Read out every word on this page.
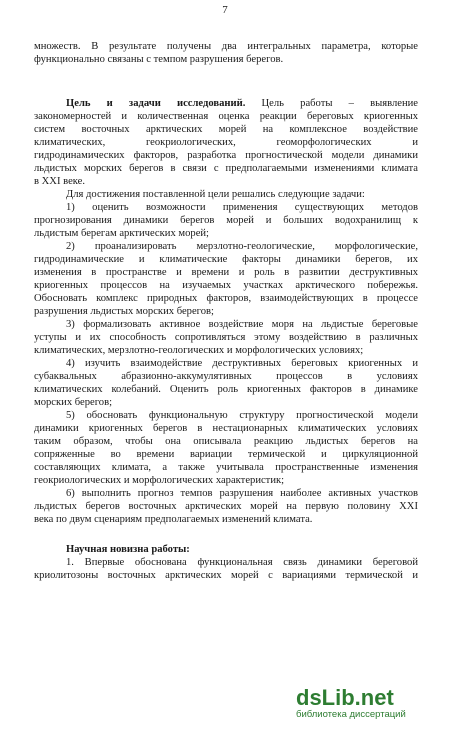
7
множеств. В результате получены два интегральных параметра, которые
функционально связаны с темпом разрушения берегов.
Цель и задачи исследований. Цель работы – выявление
закономерностей и количественная оценка реакции береговых криогенных
систем восточных арктических морей на комплексное воздействие
климатических, геокриологических, геоморфологических и
гидродинамических факторов, разработка прогностической модели динамики
льдистых морских берегов в связи с предполагаемыми изменениями климата
в XXI веке.
Для достижения поставленной цели решались следующие задачи:
1) оценить возможности применения существующих методов
прогнозирования динамики берегов морей и больших водохранилищ к
льдистым берегам арктических морей;
2) проанализировать мерзлотно-геологические, морфологические,
гидродинамические и климатические факторы динамики берегов, их
изменения в пространстве и времени и роль в развитии деструктивных
криогенных процессов на изучаемых участках арктического побережья.
Обосновать комплекс природных факторов, взаимодействующих в процессе
разрушения льдистых морских берегов;
3) формализовать активное воздействие моря на льдистые береговые
уступы и их способность сопротивляться этому воздействию в различных
климатических, мерзлотно-геологических и морфологических условиях;
4) изучить взаимодействие деструктивных береговых криогенных и
субаквальных абразионно-аккумулятивных процессов в условиях
климатических колебаний. Оценить роль криогенных факторов в динамике
морских берегов;
5) обосновать функциональную структуру прогностической модели
динамики криогенных берегов в нестационарных климатических условиях
таким образом, чтобы она описывала реакцию льдистых берегов на
сопряженные во времени вариации термической и циркуляционной
составляющих климата, а также учитывала пространственные изменения
геокриологических и морфологических характеристик;
6) выполнить прогноз темпов разрушения наиболее активных участков
льдистых берегов восточных арктических морей на первую половину XXI
века по двум сценариям предполагаемых изменений климата.
Научная новизна работы:
1. Впервые обоснована функциональная связь динамики береговой
криолитозоны восточных арктических морей с вариациями термической и
dsLib.net
библиотека диссертаций
